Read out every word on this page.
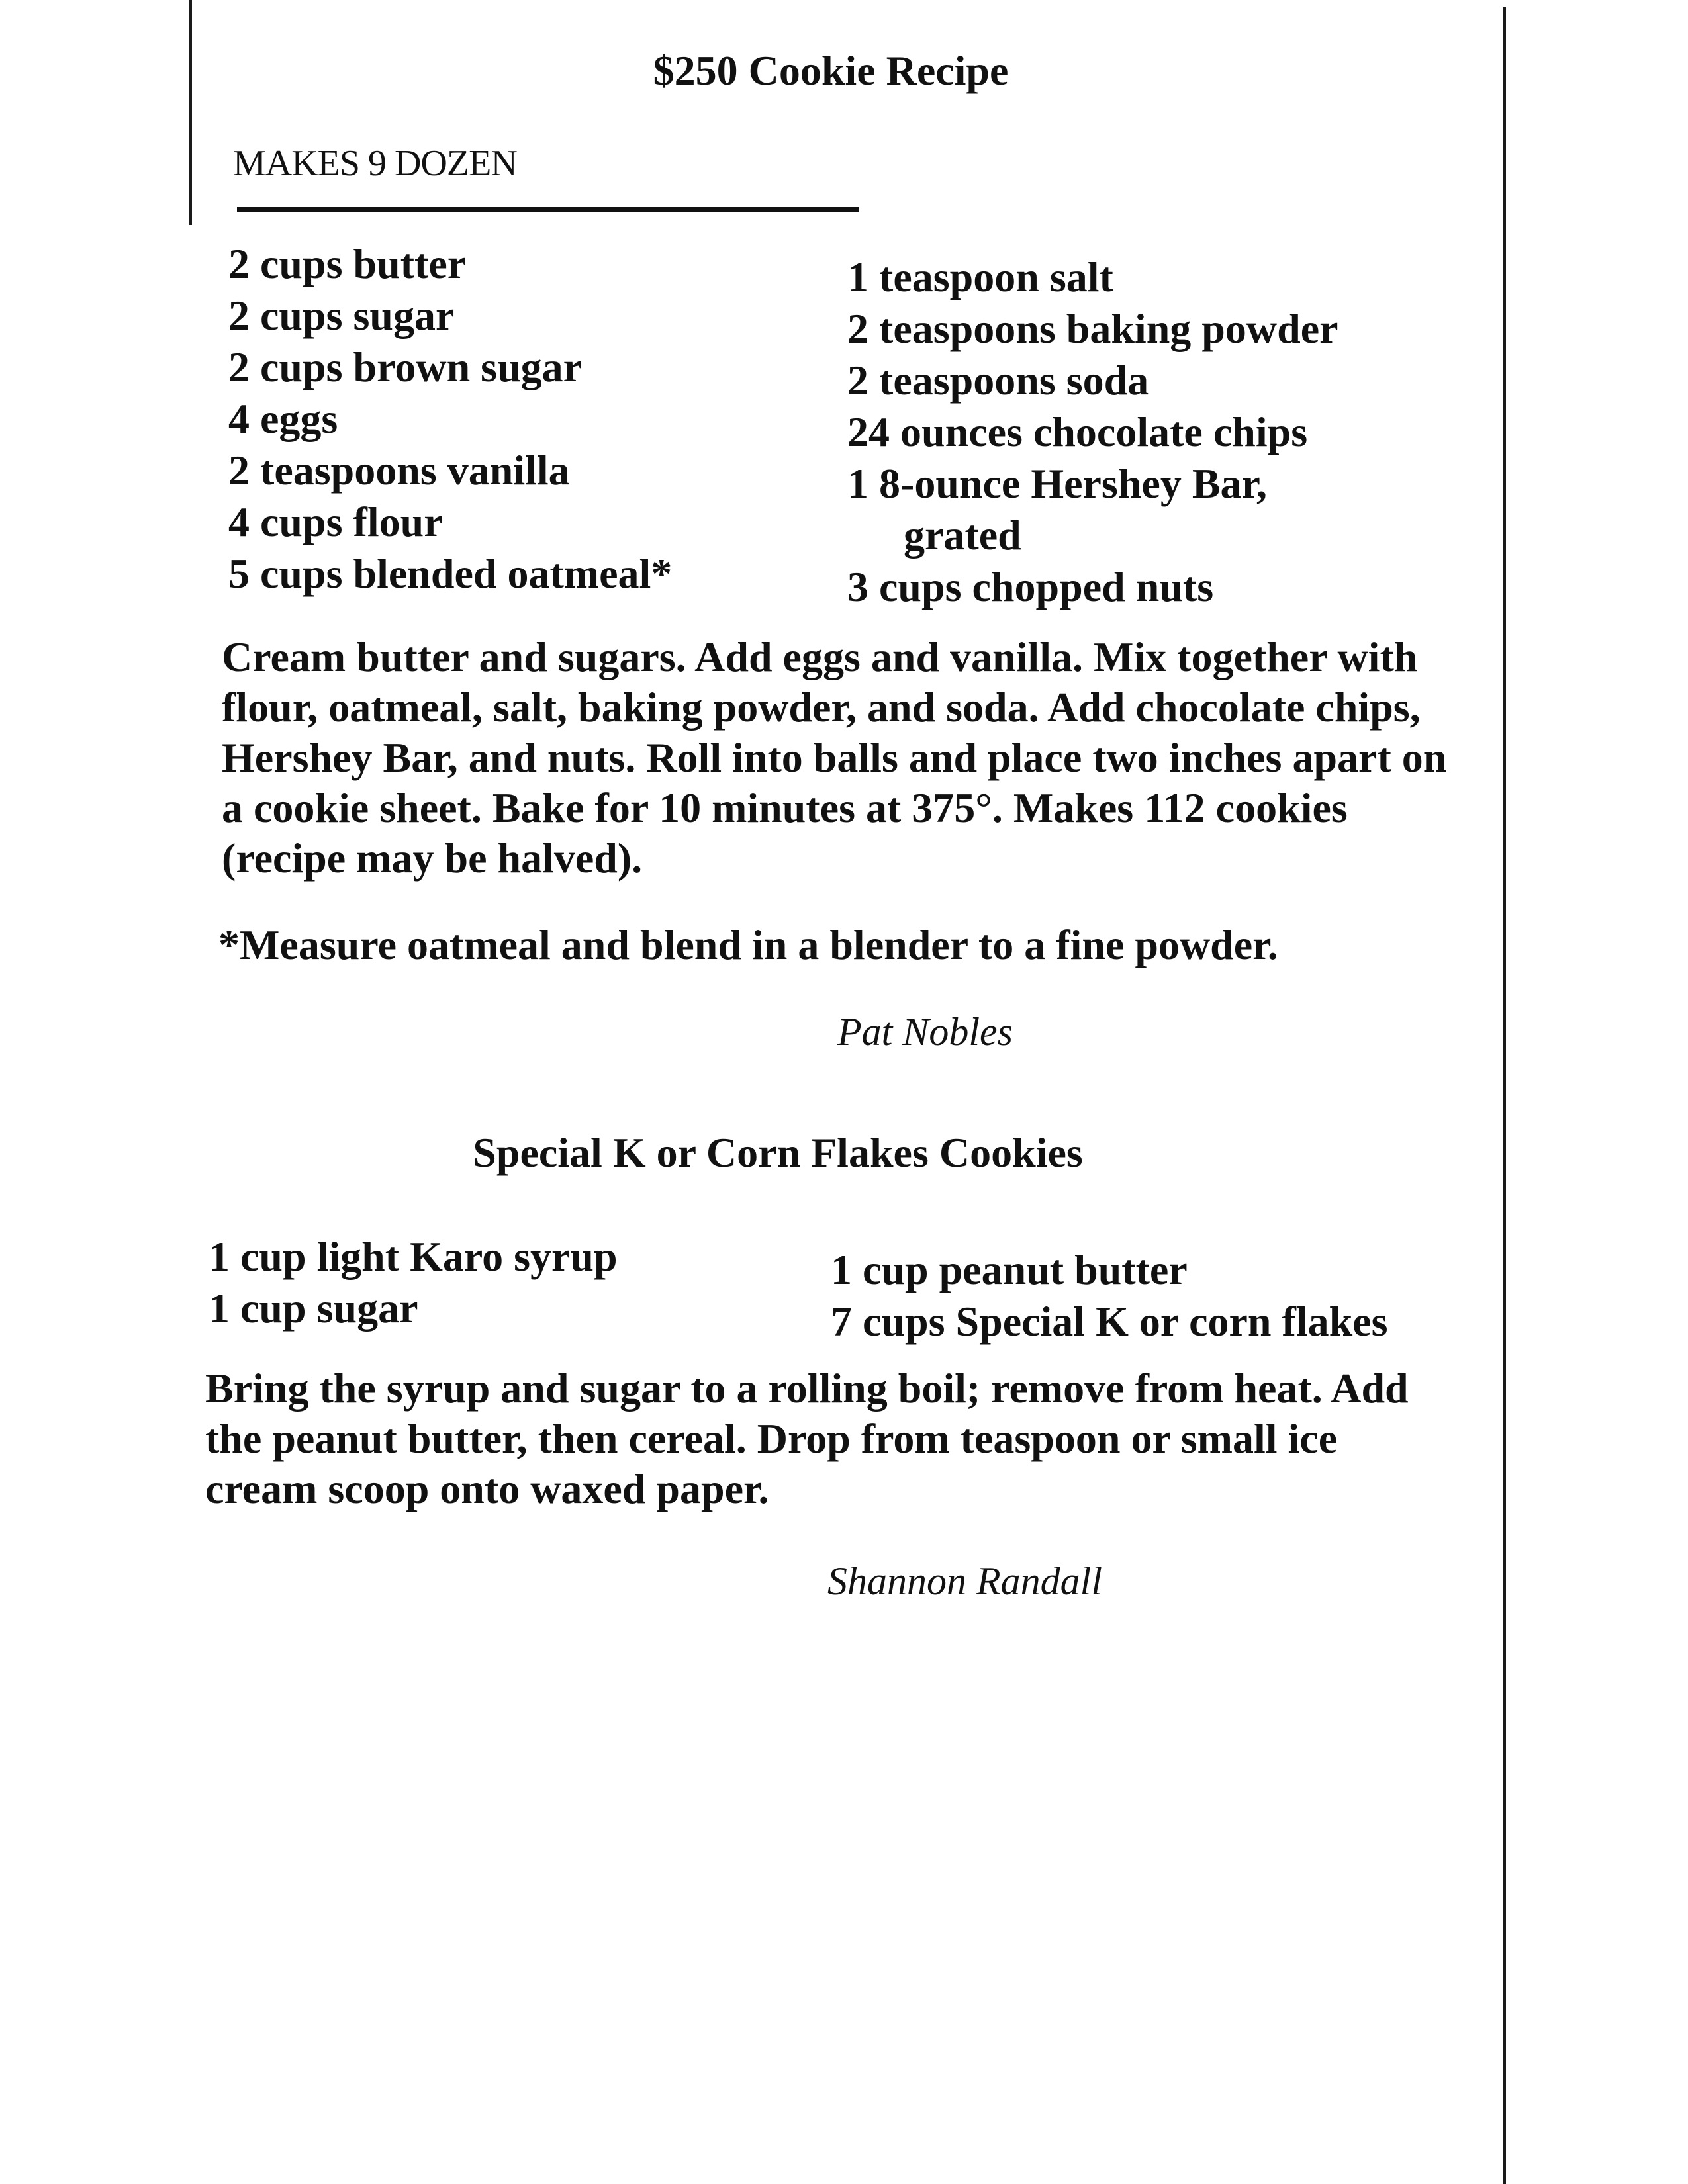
$250 Cookie Recipe
MAKES 9 DOZEN
2 cups butter
2 cups sugar
2 cups brown sugar
4 eggs
2 teaspoons vanilla
4 cups flour
5 cups blended oatmeal*
1 teaspoon salt
2 teaspoons baking powder
2 teaspoons soda
24 ounces chocolate chips
1 8-ounce Hershey Bar,
grated
3 cups chopped nuts

Cream butter and sugars. Add eggs and vanilla. Mix together with flour, oatmeal, salt, baking powder, and soda. Add chocolate chips, Hershey Bar, and nuts. Roll into balls and place two inches apart on a cookie sheet. Bake for 10 minutes at 375°. Makes 112 cookies (recipe may be halved).

*Measure oatmeal and blend in a blender to a fine powder.

Pat Nobles
Special K or Corn Flakes Cookies
1 cup light Karo syrup
1 cup sugar
1 cup peanut butter
7 cups Special K or corn flakes

Bring the syrup and sugar to a rolling boil; remove from heat. Add the peanut butter, then cereal. Drop from teaspoon or small ice cream scoop onto waxed paper.

Shannon Randall
